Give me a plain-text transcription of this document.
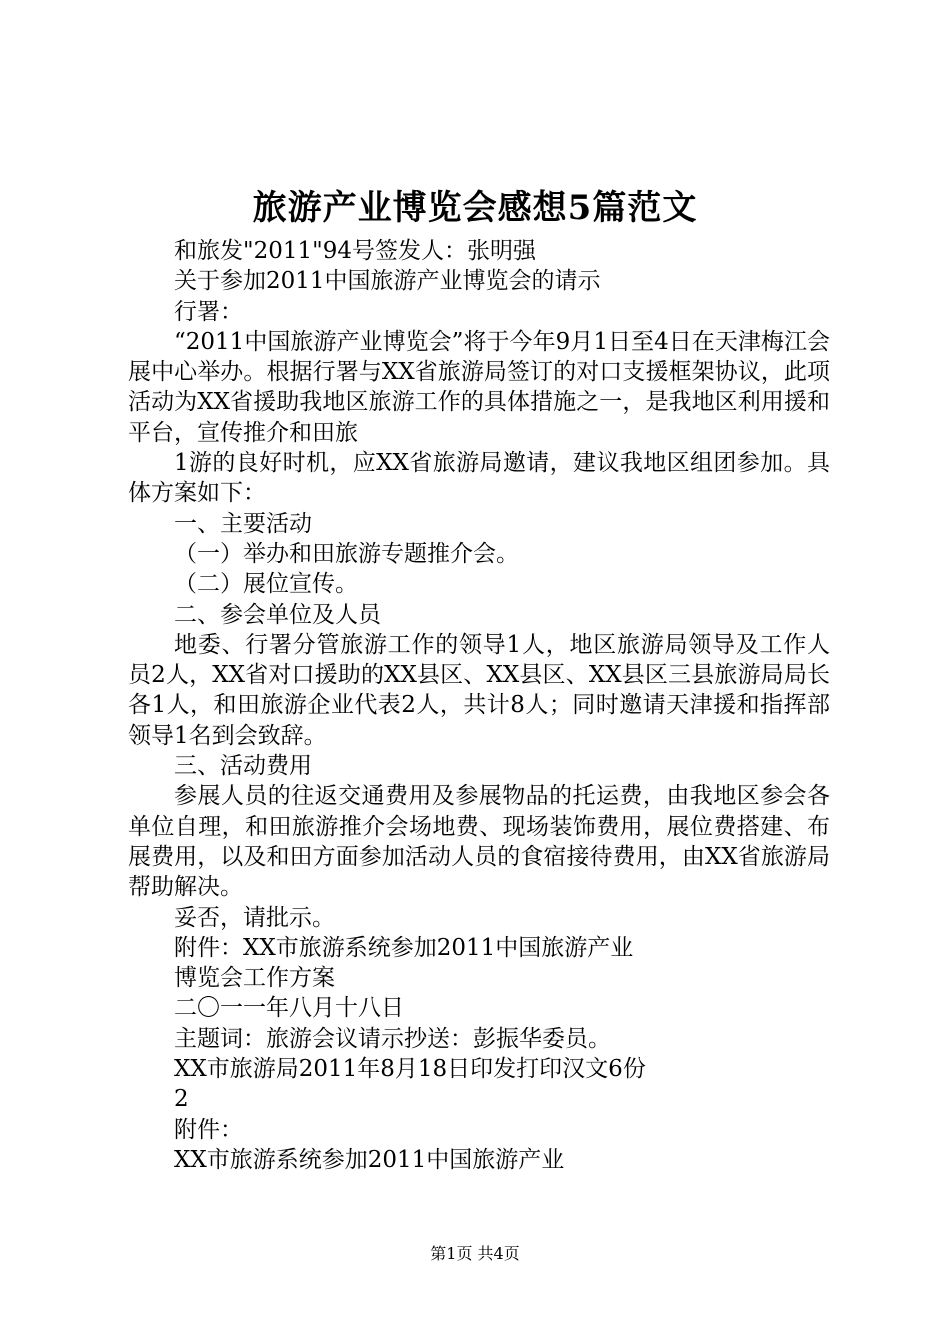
旅游产业博览会感想5篇范文

和旅发"2011"94号签发人：张明强

关于参加2011中国旅游产业博览会的请示

行署：

“2011中国旅游产业博览会”将于今年9月1日至4日在天津梅江会展中心举办。根据行署与XX省旅游局签订的对口支援框架协议，此项活动为XX省援助我地区旅游工作的具体措施之一，是我地区利用援和平台，宣传推介和田旅

1游的良好时机，应XX省旅游局邀请，建议我地区组团参加。具体方案如下：

一、主要活动

（一）举办和田旅游专题推介会。

（二）展位宣传。

二、参会单位及人员

地委、行署分管旅游工作的领导1人，地区旅游局领导及工作人员2人，XX省对口援助的XX县区、XX县区、XX县区三县旅游局局长各1人，和田旅游企业代表2人，共计8人；同时邀请天津援和指挥部领导1名到会致辞。

三、活动费用

参展人员的往返交通费用及参展物品的托运费，由我地区参会各单位自理，和田旅游推介会场地费、现场装饰费用，展位费搭建、布展费用，以及和田方面参加活动人员的食宿接待费用，由XX省旅游局帮助解决。

妥否，请批示。

附件：XX市旅游系统参加2011中国旅游产业

博览会工作方案

二〇一一年八月十八日

主题词：旅游会议请示抄送：彭振华委员。

XX市旅游局2011年8月18日印发打印汉文6份

2

附件：

XX市旅游系统参加2011中国旅游产业

第1页 共4页
